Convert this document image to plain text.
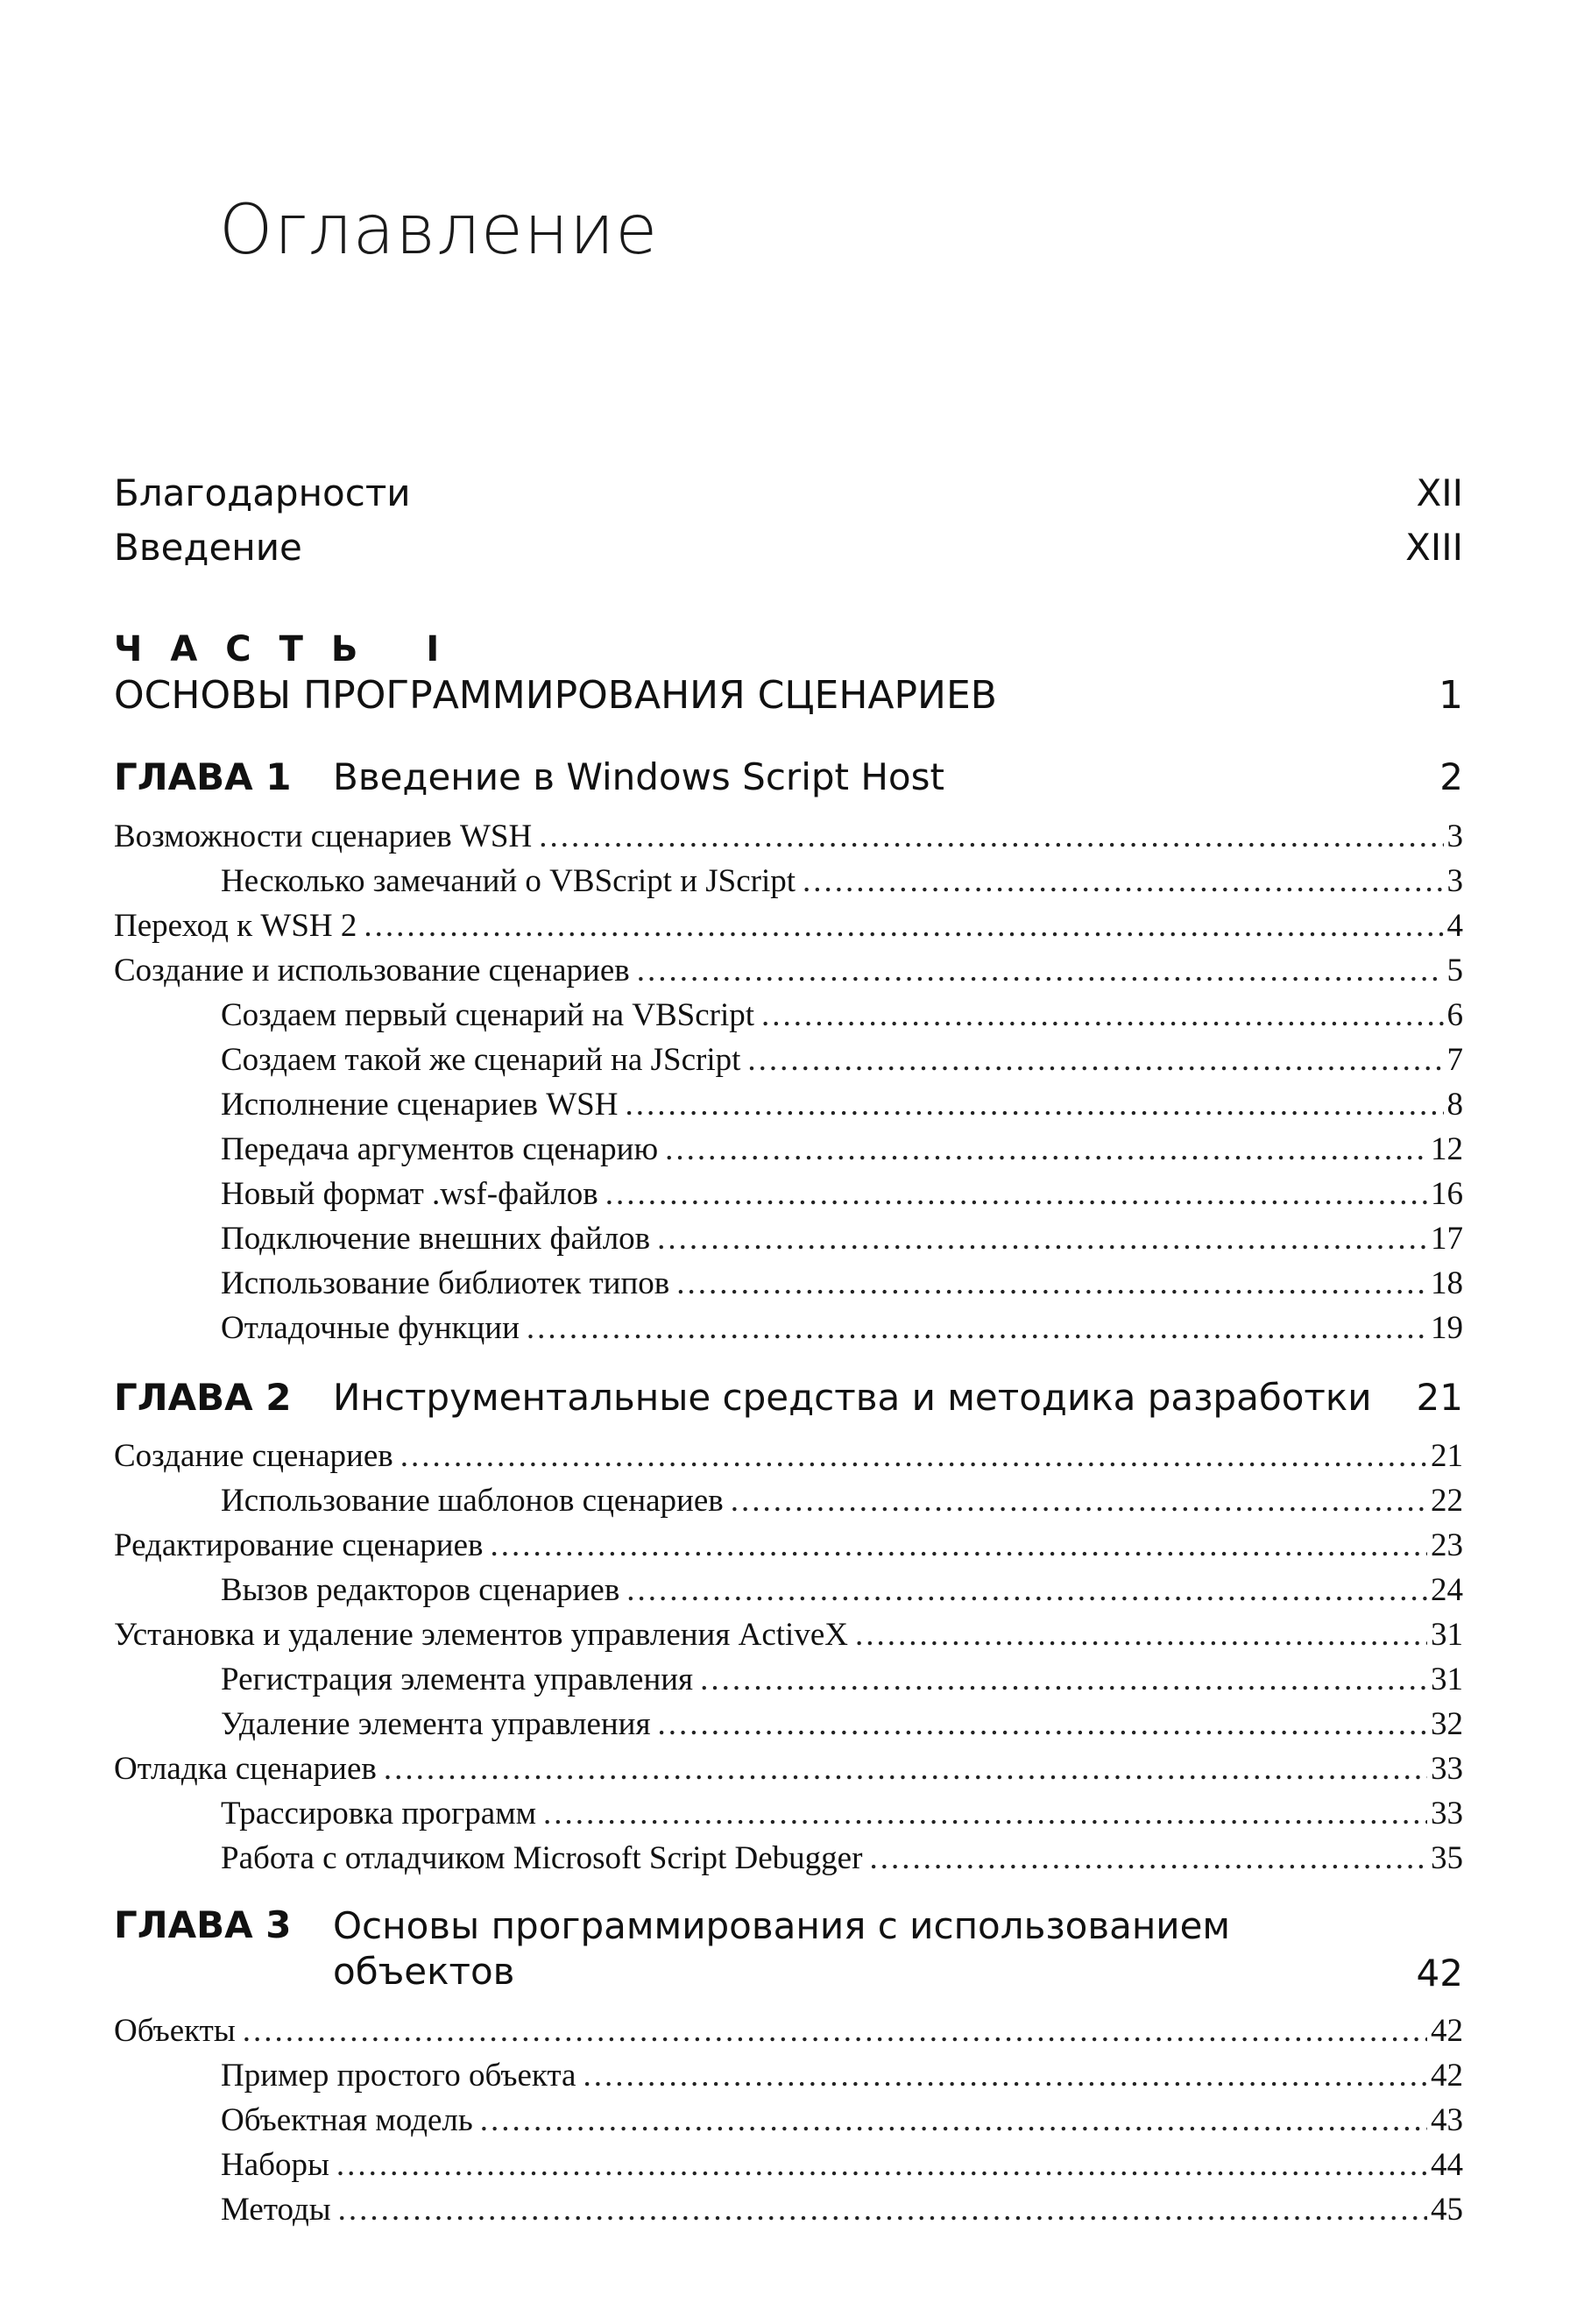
Оглавление
Благодарности	XII
Введение	XIII
ЧАСТЬ I
ОСНОВЫ ПРОГРАММИРОВАНИЯ СЦЕНАРИЕВ	1
ГЛАВА 1	Введение в Windows Script Host	2
Возможности сценариев WSH .....	3
Несколько замечаний о VBScript и JScript .....	3
Переход к WSH 2 .....	4
Создание и использование сценариев .....	5
Создаем первый сценарий на VBScript .....	6
Создаем такой же сценарий на JScript .....	7
Исполнение сценариев WSH .....	8
Передача аргументов сценарию .....	12
Новый формат .wsf-файлов .....	16
Подключение внешних файлов .....	17
Использование библиотек типов .....	18
Отладочные функции .....	19
ГЛАВА 2	Инструментальные средства и методика разработки	21
Создание сценариев .....	21
Использование шаблонов сценариев .....	22
Редактирование сценариев .....	23
Вызов редакторов сценариев .....	24
Установка и удаление элементов управления ActiveX .....	31
Регистрация элемента управления .....	31
Удаление элемента управления .....	32
Отладка сценариев .....	33
Трассировка программ .....	33
Работа с отладчиком Microsoft Script Debugger .....	35
ГЛАВА 3	Основы программирования с использованием
объектов	42
Объекты .....	42
Пример простого объекта .....	42
Объектная модель .....	43
Наборы .....	44
Методы .....	45
